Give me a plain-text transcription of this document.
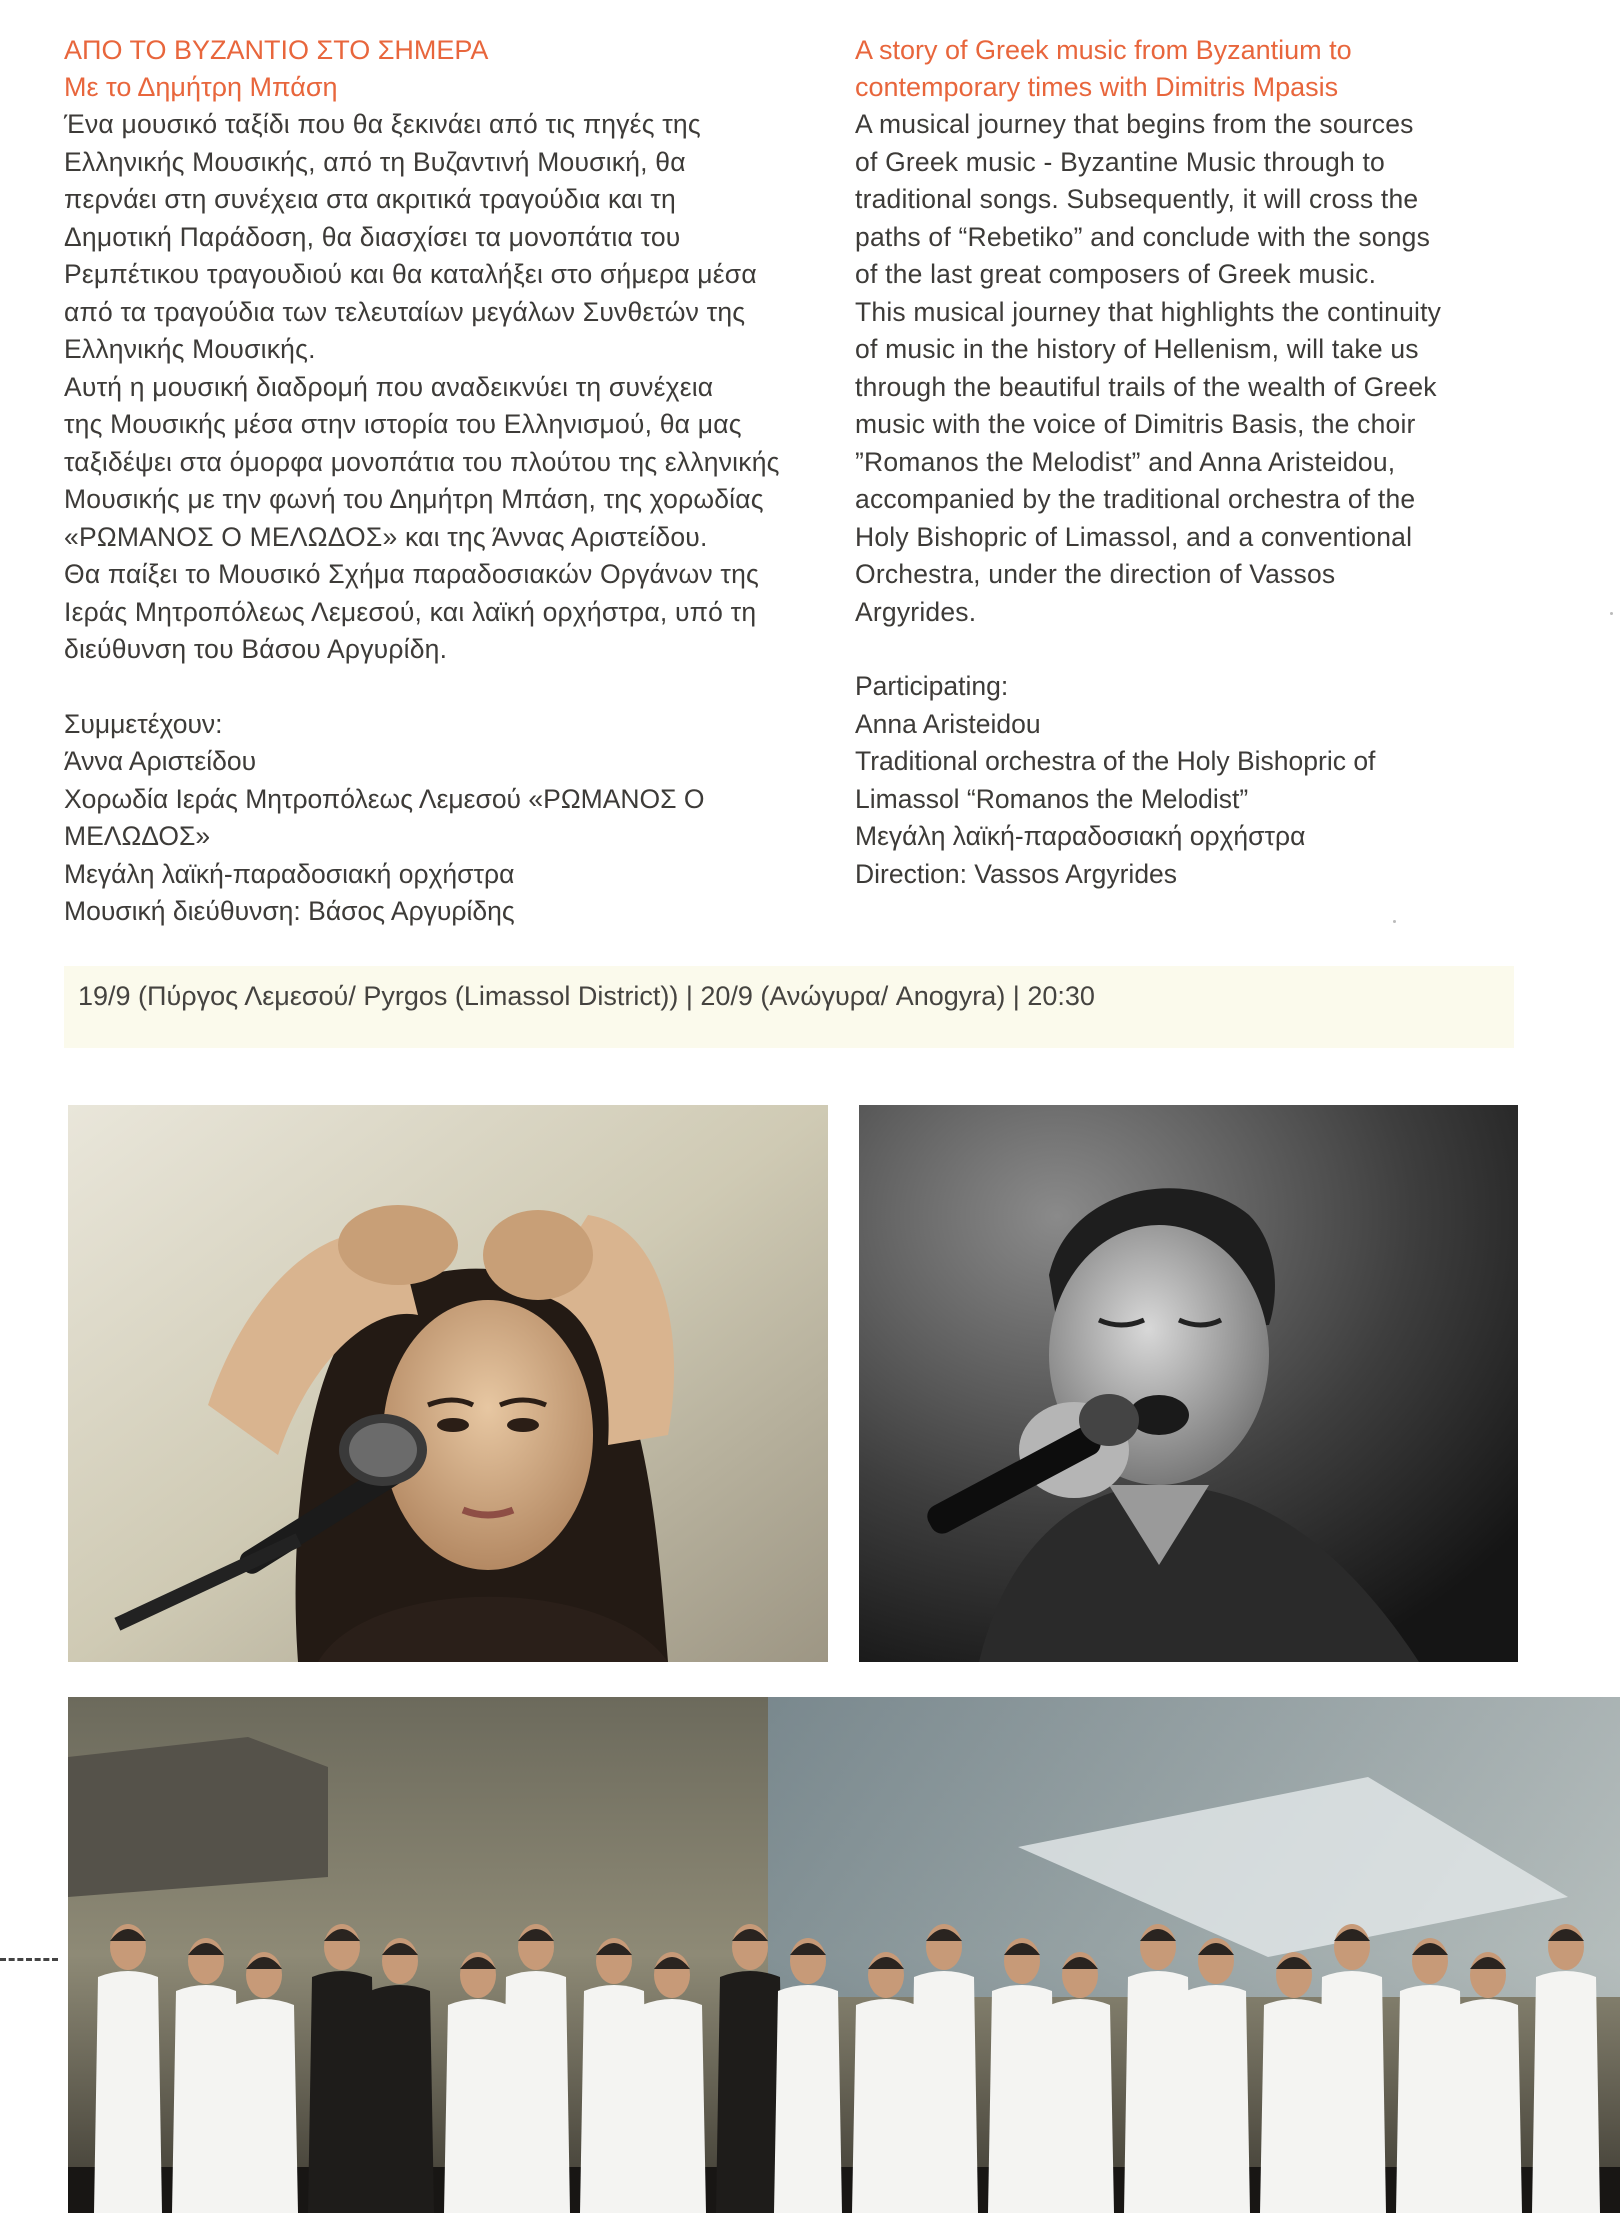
ΑΠΟ ΤΟ ΒΥΖΑΝΤΙΟ ΣΤΟ ΣΗΜΕΡΑ
Με το Δημήτρη Μπάση

Ένα μουσικό ταξίδι που θα ξεκινάει από τις πηγές της

Ελληνικής Μουσικής, από τη Βυζαντινή Μουσική, θα

περνάει στη συνέχεια στα ακριτικά τραγούδια και τη

Δημοτική Παράδοση, θα διασχίσει τα μονοπάτια του

Ρεμπέτικου τραγουδιού και θα καταλήξει στο σήμερα μέσα

από τα τραγούδια των τελευταίων μεγάλων Συνθετών της

Ελληνικής Μουσικής.

Αυτή η μουσική διαδρομή που αναδεικνύει τη συνέχεια

της Μουσικής μέσα στην ιστορία του Ελληνισμού, θα μας

ταξιδέψει στα όμορφα μονοπάτια του πλούτου της ελληνικής

Μουσικής με την φωνή του Δημήτρη Μπάση, της χορωδίας

«ΡΩΜΑΝΟΣ Ο ΜΕΛΩΔΟΣ» και της Άννας Αριστείδου.

Θα παίξει το Μουσικό Σχήμα παραδοσιακών Οργάνων της

Ιεράς Μητροπόλεως Λεμεσού, και λαϊκή ορχήστρα, υπό τη

διεύθυνση του Βάσου Αργυρίδη.

Συμμετέχουν:
Άννα Αριστείδου
Χορωδία Ιεράς Μητροπόλεως Λεμεσού «ΡΩΜΑΝΟΣ Ο
ΜΕΛΩΔΟΣ»
Μεγάλη λαϊκή-παραδοσιακή ορχήστρα
Μουσική διεύθυνση: Βάσος Αργυρίδης
A story of Greek music from Byzantium to
contemporary times with Dimitris Mpasis

A musical journey that begins from the sources

of Greek music - Byzantine Music through to

traditional songs. Subsequently, it will cross the

paths of “Rebetiko” and conclude with the songs

of the last great composers of Greek music.

This musical journey that highlights the continuity

of music in the history of Hellenism, will take us

through the beautiful trails of the wealth of Greek

music with the voice of Dimitris Basis, the choir

”Romanos the Melodist” and Anna Aristeidou,

accompanied by the traditional orchestra of the

Holy Bishopric of Limassol, and a conventional

Orchestra, under the direction of Vassos

Argyrides.

Participating:
Anna Aristeidou
Traditional orchestra of the Holy Bishopric of
Limassol “Romanos the Melodist”
Μεγάλη λαϊκή-παραδοσιακή ορχήστρα
Direction: Vassos Argyrides
19/9 (Πύργος Λεμεσού/ Pyrgos (Limassol District)) | 20/9 (Ανώγυρα/ Anogyra) | 20:30
